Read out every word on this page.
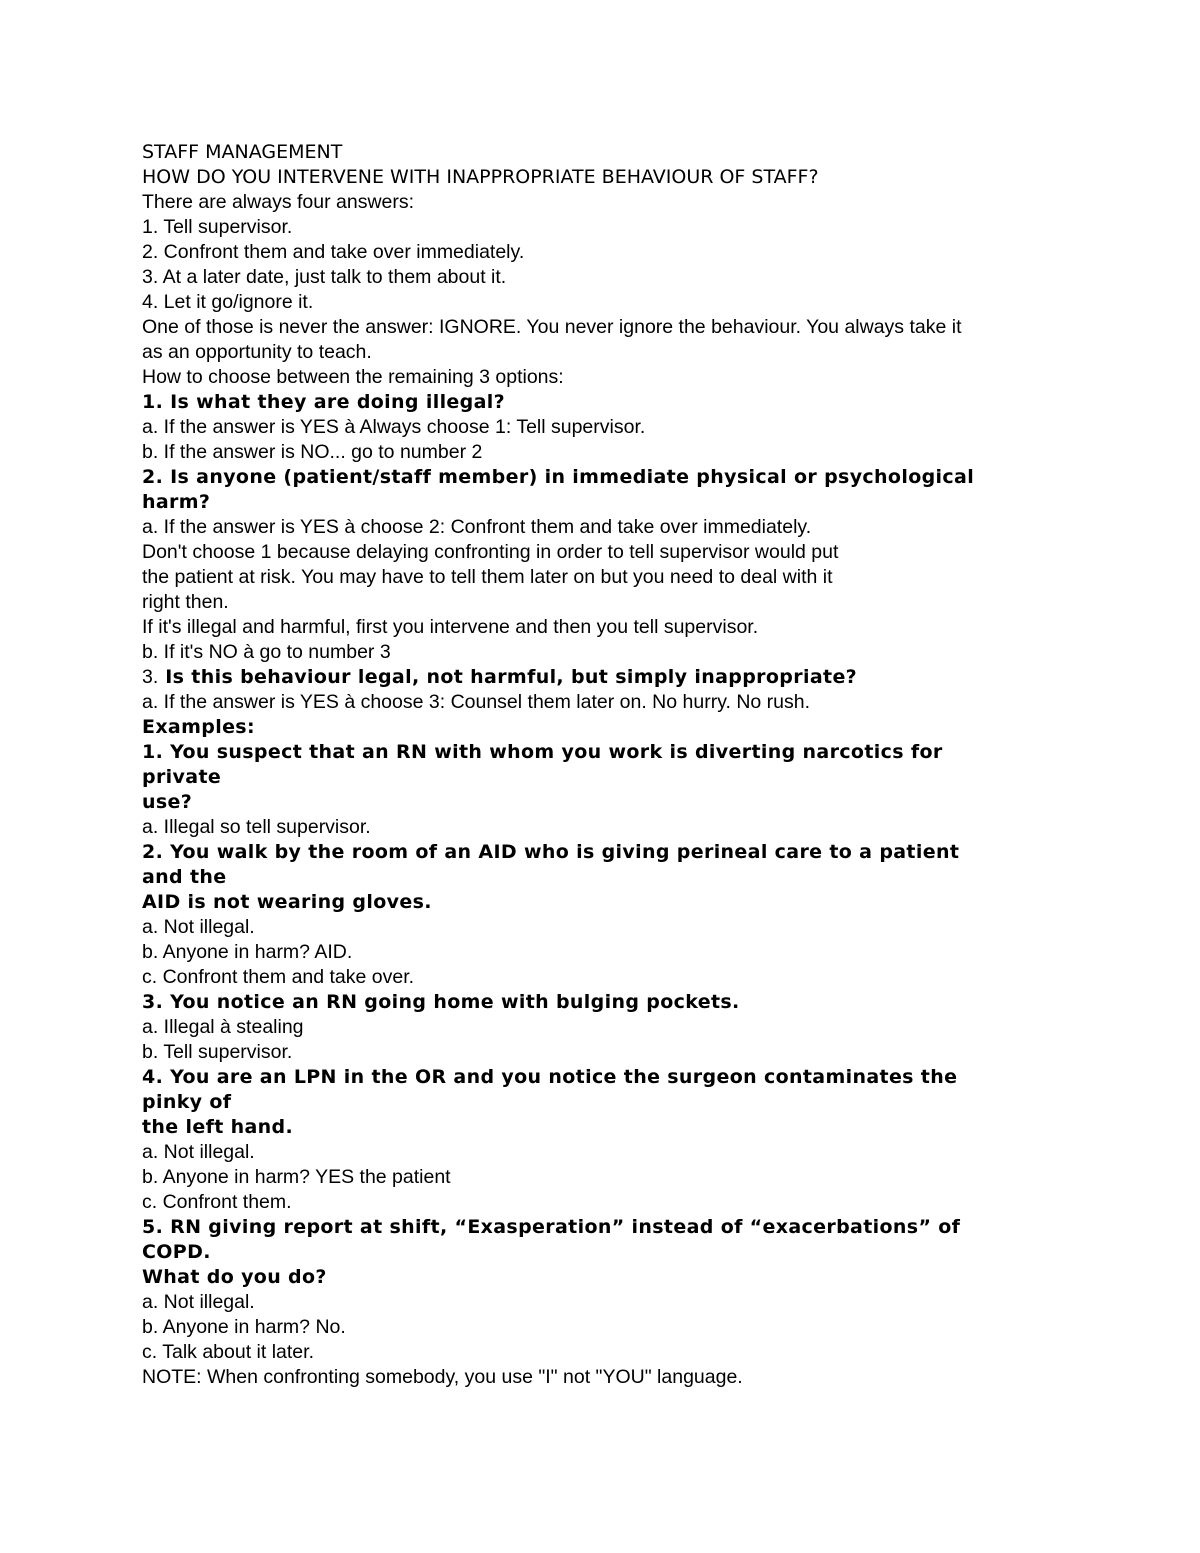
STAFF MANAGEMENT
HOW DO YOU INTERVENE WITH INAPPROPRIATE BEHAVIOUR OF STAFF?
There are always four answers:
1. Tell supervisor.
2. Confront them and take over immediately.
3. At a later date, just talk to them about it.
4. Let it go/ignore it.
One of those is never the answer: IGNORE. You never ignore the behaviour. You always take it
as an opportunity to teach.
How to choose between the remaining 3 options:
1. Is what they are doing illegal?
a. If the answer is YES à Always choose 1: Tell supervisor.
b. If the answer is NO... go to number 2
2. Is anyone (patient/staff member) in immediate physical or psychological
harm?
a. If the answer is YES à choose 2: Confront them and take over immediately.
Don't choose 1 because delaying confronting in order to tell supervisor would put
the patient at risk. You may have to tell them later on but you need to deal with it
right then.
If it's illegal and harmful, first you intervene and then you tell supervisor.
b. If it's NO à go to number 3
3. Is this behaviour legal, not harmful, but simply inappropriate?
a. If the answer is YES à choose 3: Counsel them later on. No hurry. No rush.
Examples:
1. You suspect that an RN with whom you work is diverting narcotics for
private
use?
a. Illegal so tell supervisor.
2. You walk by the room of an AID who is giving perineal care to a patient
and the
AID is not wearing gloves.
a. Not illegal.
b. Anyone in harm? AID.
c. Confront them and take over.
3. You notice an RN going home with bulging pockets.
a. Illegal à stealing
b. Tell supervisor.
4. You are an LPN in the OR and you notice the surgeon contaminates the
pinky of
the left hand.
a. Not illegal.
b. Anyone in harm? YES the patient
c. Confront them.
5. RN giving report at shift, “Exasperation” instead of “exacerbations” of
COPD.
What do you do?
a. Not illegal.
b. Anyone in harm? No.
c. Talk about it later.
NOTE: When confronting somebody, you use "I" not "YOU" language.
